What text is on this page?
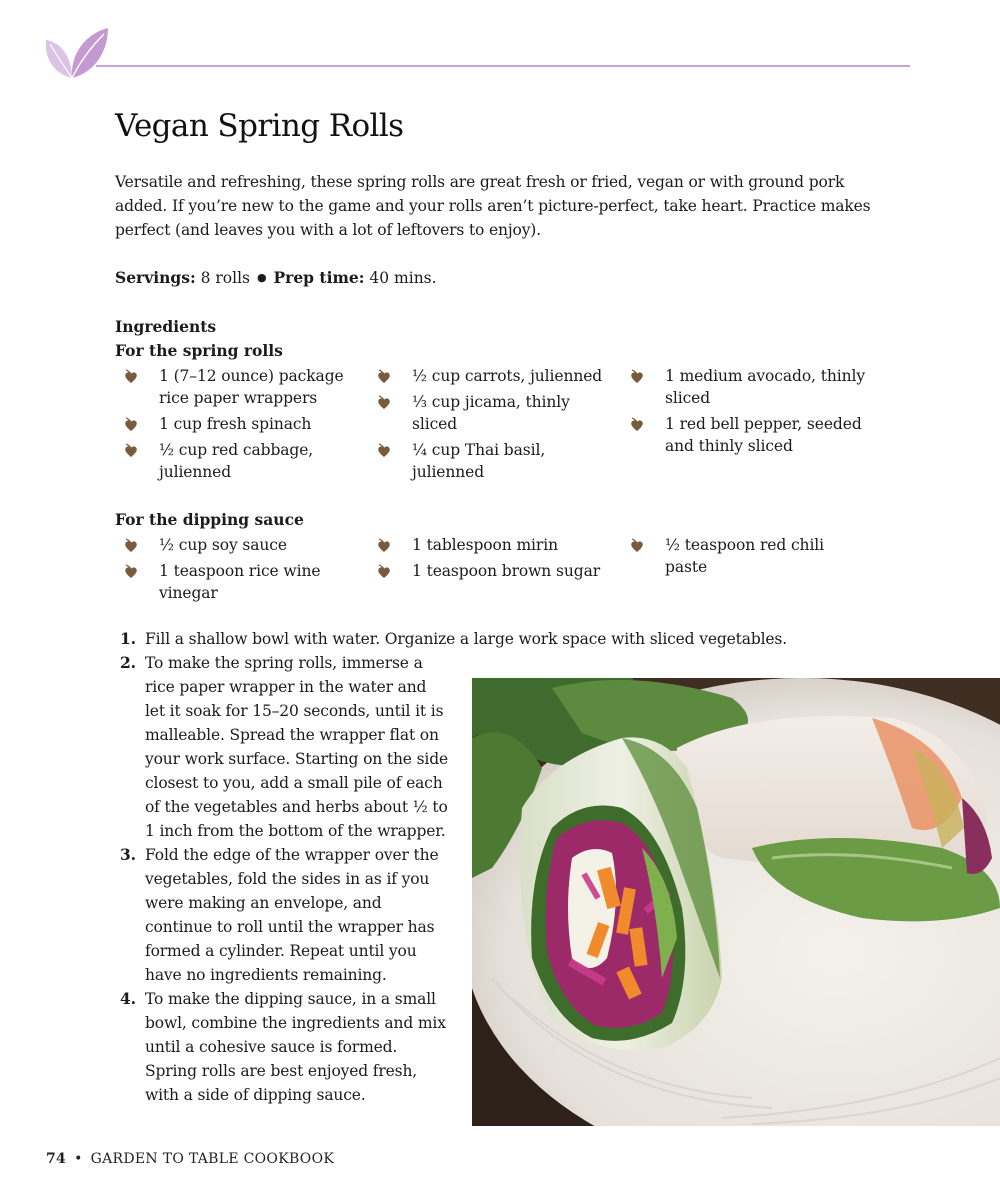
Vegan Spring Rolls

Versatile and refreshing, these spring rolls are great fresh or fried, vegan or with ground pork added. If you’re new to the game and your rolls aren’t picture-perfect, take heart. Practice makes perfect (and leaves you with a lot of leftovers to enjoy).

Servings: 8 rolls ● Prep time: 40 mins.

Ingredients
For the spring rolls
1 (7–12 ounce) package rice paper wrappers
1 cup fresh spinach
½ cup red cabbage, julienned
½ cup carrots, julienned
⅓ cup jicama, thinly sliced
¼ cup Thai basil, julienned
1 medium avocado, thinly sliced
1 red bell pepper, seeded and thinly sliced
For the dipping sauce
½ cup soy sauce
1 teaspoon rice wine vinegar
1 tablespoon mirin
1 teaspoon brown sugar
½ teaspoon red chili paste
1. Fill a shallow bowl with water. Organize a large work space with sliced vegetables.
2. To make the spring rolls, immerse a rice paper wrapper in the water and let it soak for 15–20 seconds, until it is malleable. Spread the wrapper flat on your work surface. Starting on the side closest to you, add a small pile of each of the vegetables and herbs about ½ to 1 inch from the bottom of the wrapper.
3. Fold the edge of the wrapper over the vegetables, fold the sides in as if you were making an envelope, and continue to roll until the wrapper has formed a cylinder. Repeat until you have no ingredients remaining.
4. To make the dipping sauce, in a small bowl, combine the ingredients and mix until a cohesive sauce is formed. Spring rolls are best enjoyed fresh, with a side of dipping sauce.

74 • GARDEN TO TABLE COOKBOOK
